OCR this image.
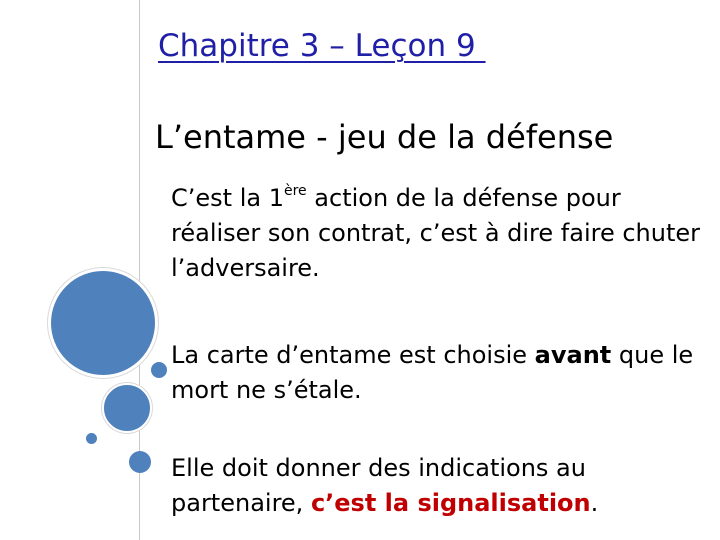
Chapitre 3 – Leçon 9
L’entame - jeu de la défense
C’est la 1ère action de la défense pour réaliser son contrat, c’est à dire faire chuter l’adversaire.
La carte d’entame est choisie avant que le mort ne s’étale.
Elle doit donner des indications au partenaire, c’est la signalisation.
